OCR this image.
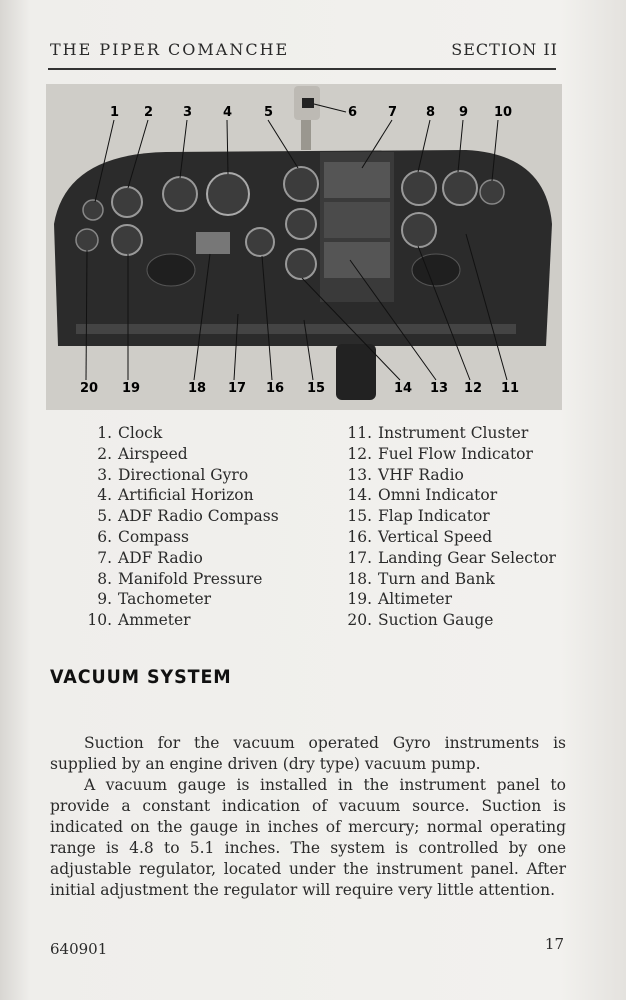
THE PIPER COMANCHE	SECTION II
1 2 3 4 5	6 7 8 9 10
20 19	18 17 16 15	14 13 12 11
1. Clock
2. Airspeed
3. Directional Gyro
4. Artificial Horizon
5. ADF Radio Compass
6. Compass
7. ADF Radio
8. Manifold Pressure
9. Tachometer
10. Ammeter
11. Instrument Cluster
12. Fuel Flow Indicator
13. VHF Radio
14. Omni Indicator
15. Flap Indicator
16. Vertical Speed
17. Landing Gear Selector
18. Turn and Bank
19. Altimeter
20. Suction Gauge
VACUUM SYSTEM

Suction for the vacuum operated Gyro instruments is supplied by an engine driven (dry type) vacuum pump.

A vacuum gauge is installed in the instrument panel to provide a constant indication of vacuum source. Suction is indicated on the gauge in inches of mercury; normal operating range is 4.8 to 5.1 inches. The system is controlled by one adjustable regulator, located under the instrument panel. After initial adjustment the regulator will require very little attention.

640901	17
